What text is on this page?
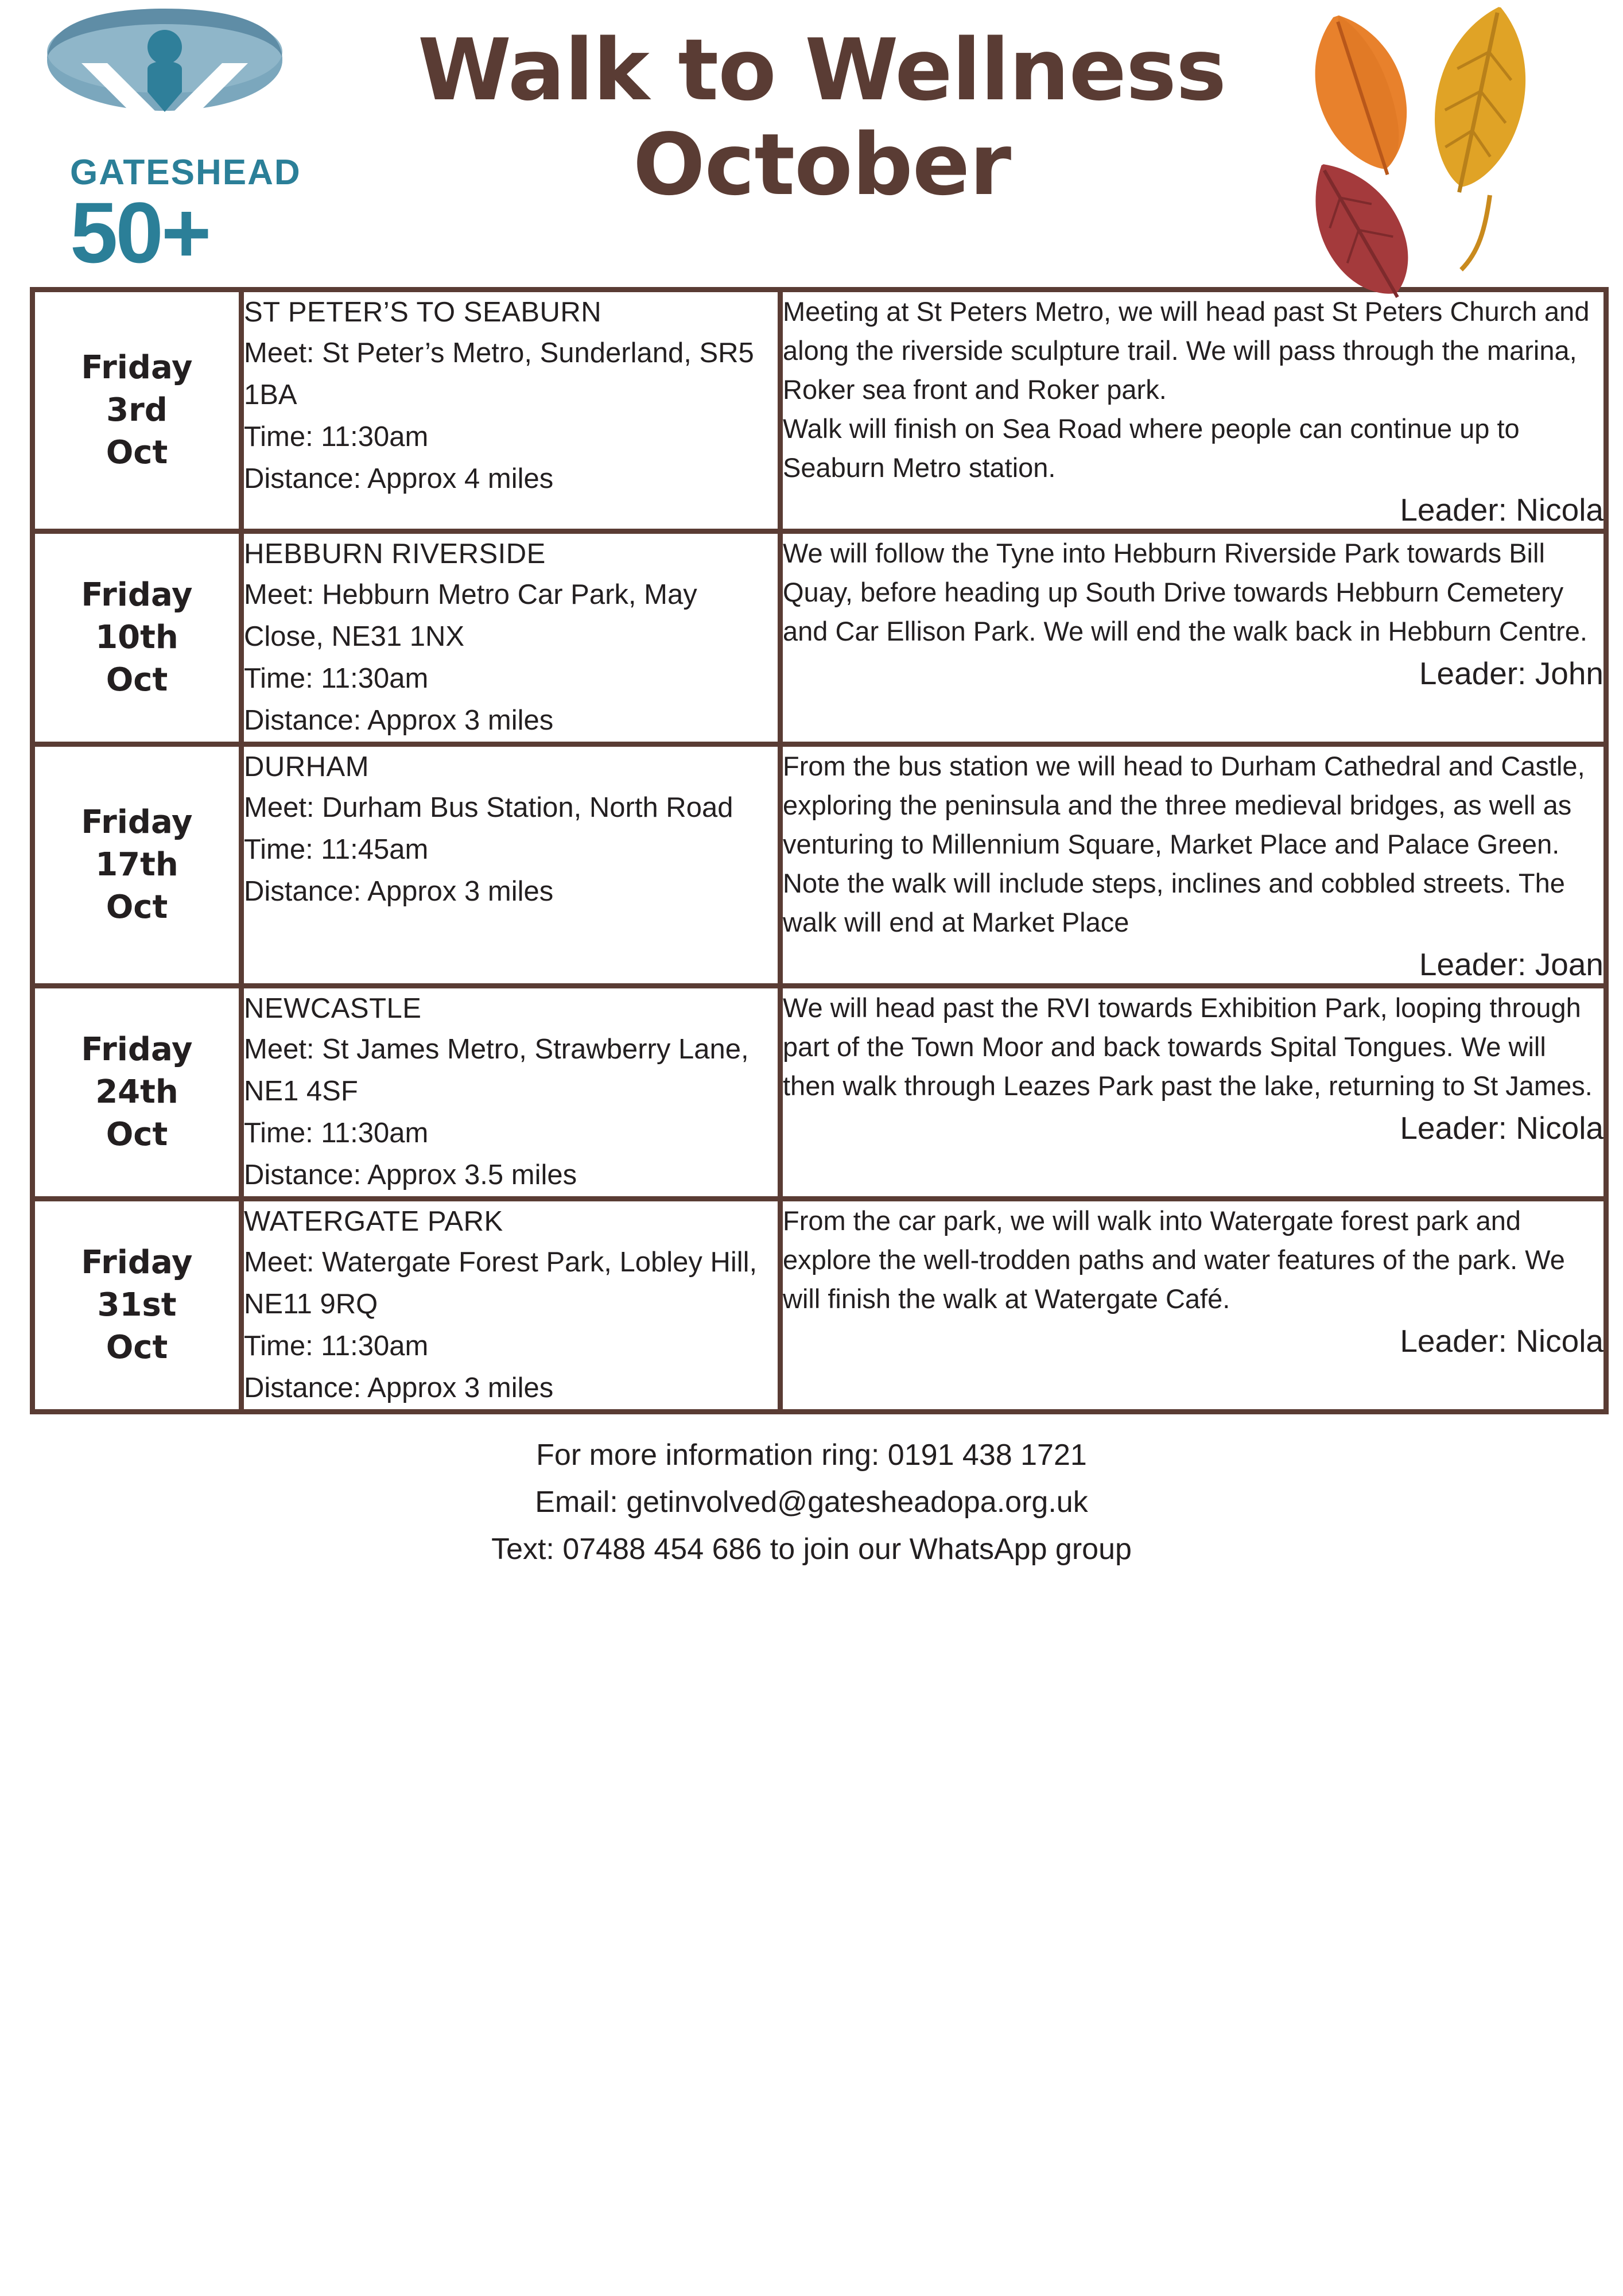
GATESHEAD
50+
Walk to Wellness
October
Friday
3rd
Oct

ST PETER’S TO SEABURN
Meet: St Peter’s Metro, Sunderland, SR5 1BA
Time: 11:30am
Distance: Approx 4 miles

Meeting at St Peters Metro, we will head past St Peters Church and along the riverside sculpture trail. We will pass through the marina, Roker sea front and Roker park.
Walk will finish on Sea Road where people can continue up to Seaburn Metro station.
Leader: Nicola

Friday
10th
Oct

HEBBURN RIVERSIDE
Meet: Hebburn Metro Car Park, May Close, NE31 1NX
Time: 11:30am
Distance: Approx 3 miles

We will follow the Tyne into Hebburn Riverside Park towards Bill Quay, before heading up South Drive towards Hebburn Cemetery and Car Ellison Park. We will end the walk back in Hebburn Centre.
Leader: John

Friday
17th
Oct

DURHAM
Meet: Durham Bus Station, North Road
Time: 11:45am
Distance: Approx 3 miles

From the bus station we will head to Durham Cathedral and Castle, exploring the peninsula and the three medieval bridges, as well as venturing to Millennium Square, Market Place and Palace Green. Note the walk will include steps, inclines and cobbled streets. The walk will end at Market Place
Leader: Joan

Friday
24th
Oct

NEWCASTLE
Meet: St James Metro, Strawberry Lane, NE1 4SF
Time: 11:30am
Distance: Approx 3.5 miles

We will head past the RVI towards Exhibition Park, looping through part of the Town Moor and back towards Spital Tongues. We will then walk through Leazes Park past the lake, returning to St James.
Leader: Nicola

Friday
31st
Oct

WATERGATE PARK
Meet: Watergate Forest Park, Lobley Hill, NE11 9RQ
Time: 11:30am
Distance: Approx 3 miles

From the car park, we will walk into Watergate forest park and explore the well-trodden paths and water features of the park. We will finish the walk at Watergate Café.
Leader: Nicola
For more information ring: 0191 438 1721
Email: getinvolved@gatesheadopa.org.uk
Text: 07488 454 686 to join our WhatsApp group
